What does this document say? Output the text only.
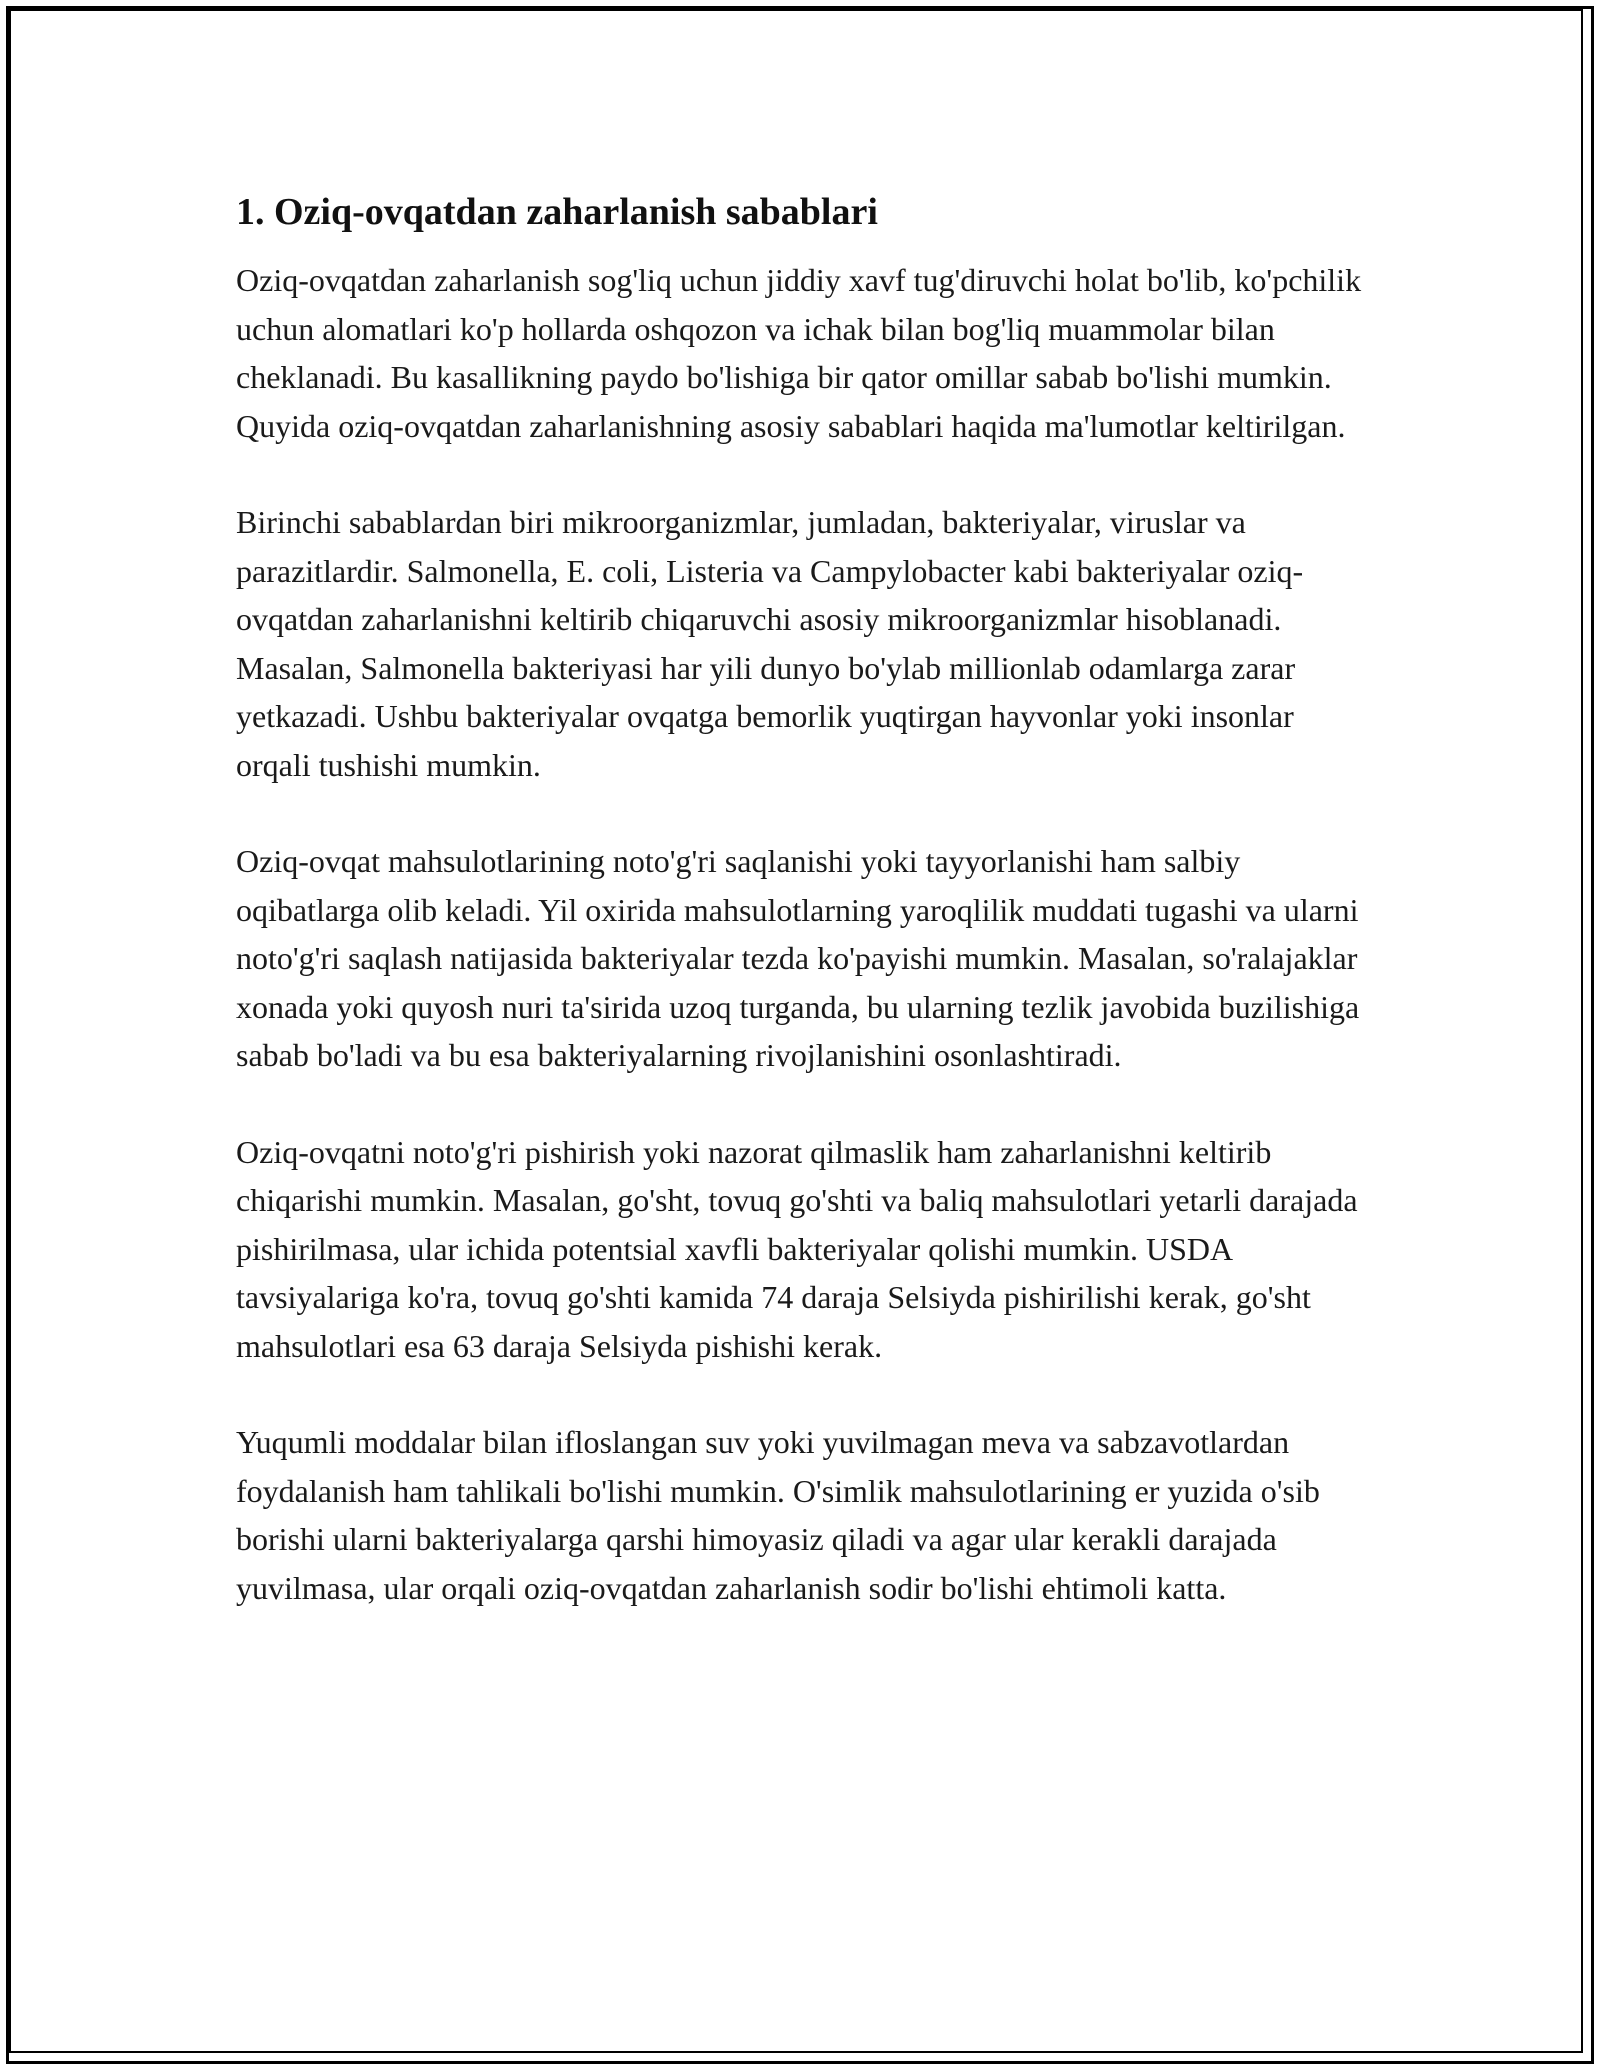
1. Oziq-ovqatdan zaharlanish sabablari

Oziq-ovqatdan zaharlanish sog'liq uchun jiddiy xavf tug'diruvchi holat bo'lib, ko'pchilik uchun alomatlari ko'p hollarda oshqozon va ichak bilan bog'liq muammolar bilan cheklanadi. Bu kasallikning paydo bo'lishiga bir qator omillar sabab bo'lishi mumkin. Quyida oziq-ovqatdan zaharlanishning asosiy sabablari haqida ma'lumotlar keltirilgan.

Birinchi sabablardan biri mikroorganizmlar, jumladan, bakteriyalar, viruslar va parazitlardir. Salmonella, E. coli, Listeria va Campylobacter kabi bakteriyalar oziq-ovqatdan zaharlanishni keltirib chiqaruvchi asosiy mikroorganizmlar hisoblanadi. Masalan, Salmonella bakteriyasi har yili dunyo bo'ylab millionlab odamlarga zarar yetkazadi. Ushbu bakteriyalar ovqatga bemorlik yuqtirgan hayvonlar yoki insonlar orqali tushishi mumkin.

Oziq-ovqat mahsulotlarining noto'g'ri saqlanishi yoki tayyorlanishi ham salbiy oqibatlarga olib keladi. Yil oxirida mahsulotlarning yaroqlilik muddati tugashi va ularni noto'g'ri saqlash natijasida bakteriyalar tezda ko'payishi mumkin. Masalan, so'ralajaklar xonada yoki quyosh nuri ta'sirida uzoq turganda, bu ularning tezlik javobida buzilishiga sabab bo'ladi va bu esa bakteriyalarning rivojlanishini osonlashtiradi.

Oziq-ovqatni noto'g'ri pishirish yoki nazorat qilmaslik ham zaharlanishni keltirib chiqarishi mumkin. Masalan, go'sht, tovuq go'shti va baliq mahsulotlari yetarli darajada pishirilmasa, ular ichida potentsial xavfli bakteriyalar qolishi mumkin. USDA tavsiyalariga ko'ra, tovuq go'shti kamida 74 daraja Selsiyda pishirilishi kerak, go'sht mahsulotlari esa 63 daraja Selsiyda pishishi kerak.

Yuqumli moddalar bilan ifloslangan suv yoki yuvilmagan meva va sabzavotlardan foydalanish ham tahlikali bo'lishi mumkin. O'simlik mahsulotlarining er yuzida o'sib borishi ularni bakteriyalarga qarshi himoyasiz qiladi va agar ular kerakli darajada yuvilmasa, ular orqali oziq-ovqatdan zaharlanish sodir bo'lishi ehtimoli katta.
